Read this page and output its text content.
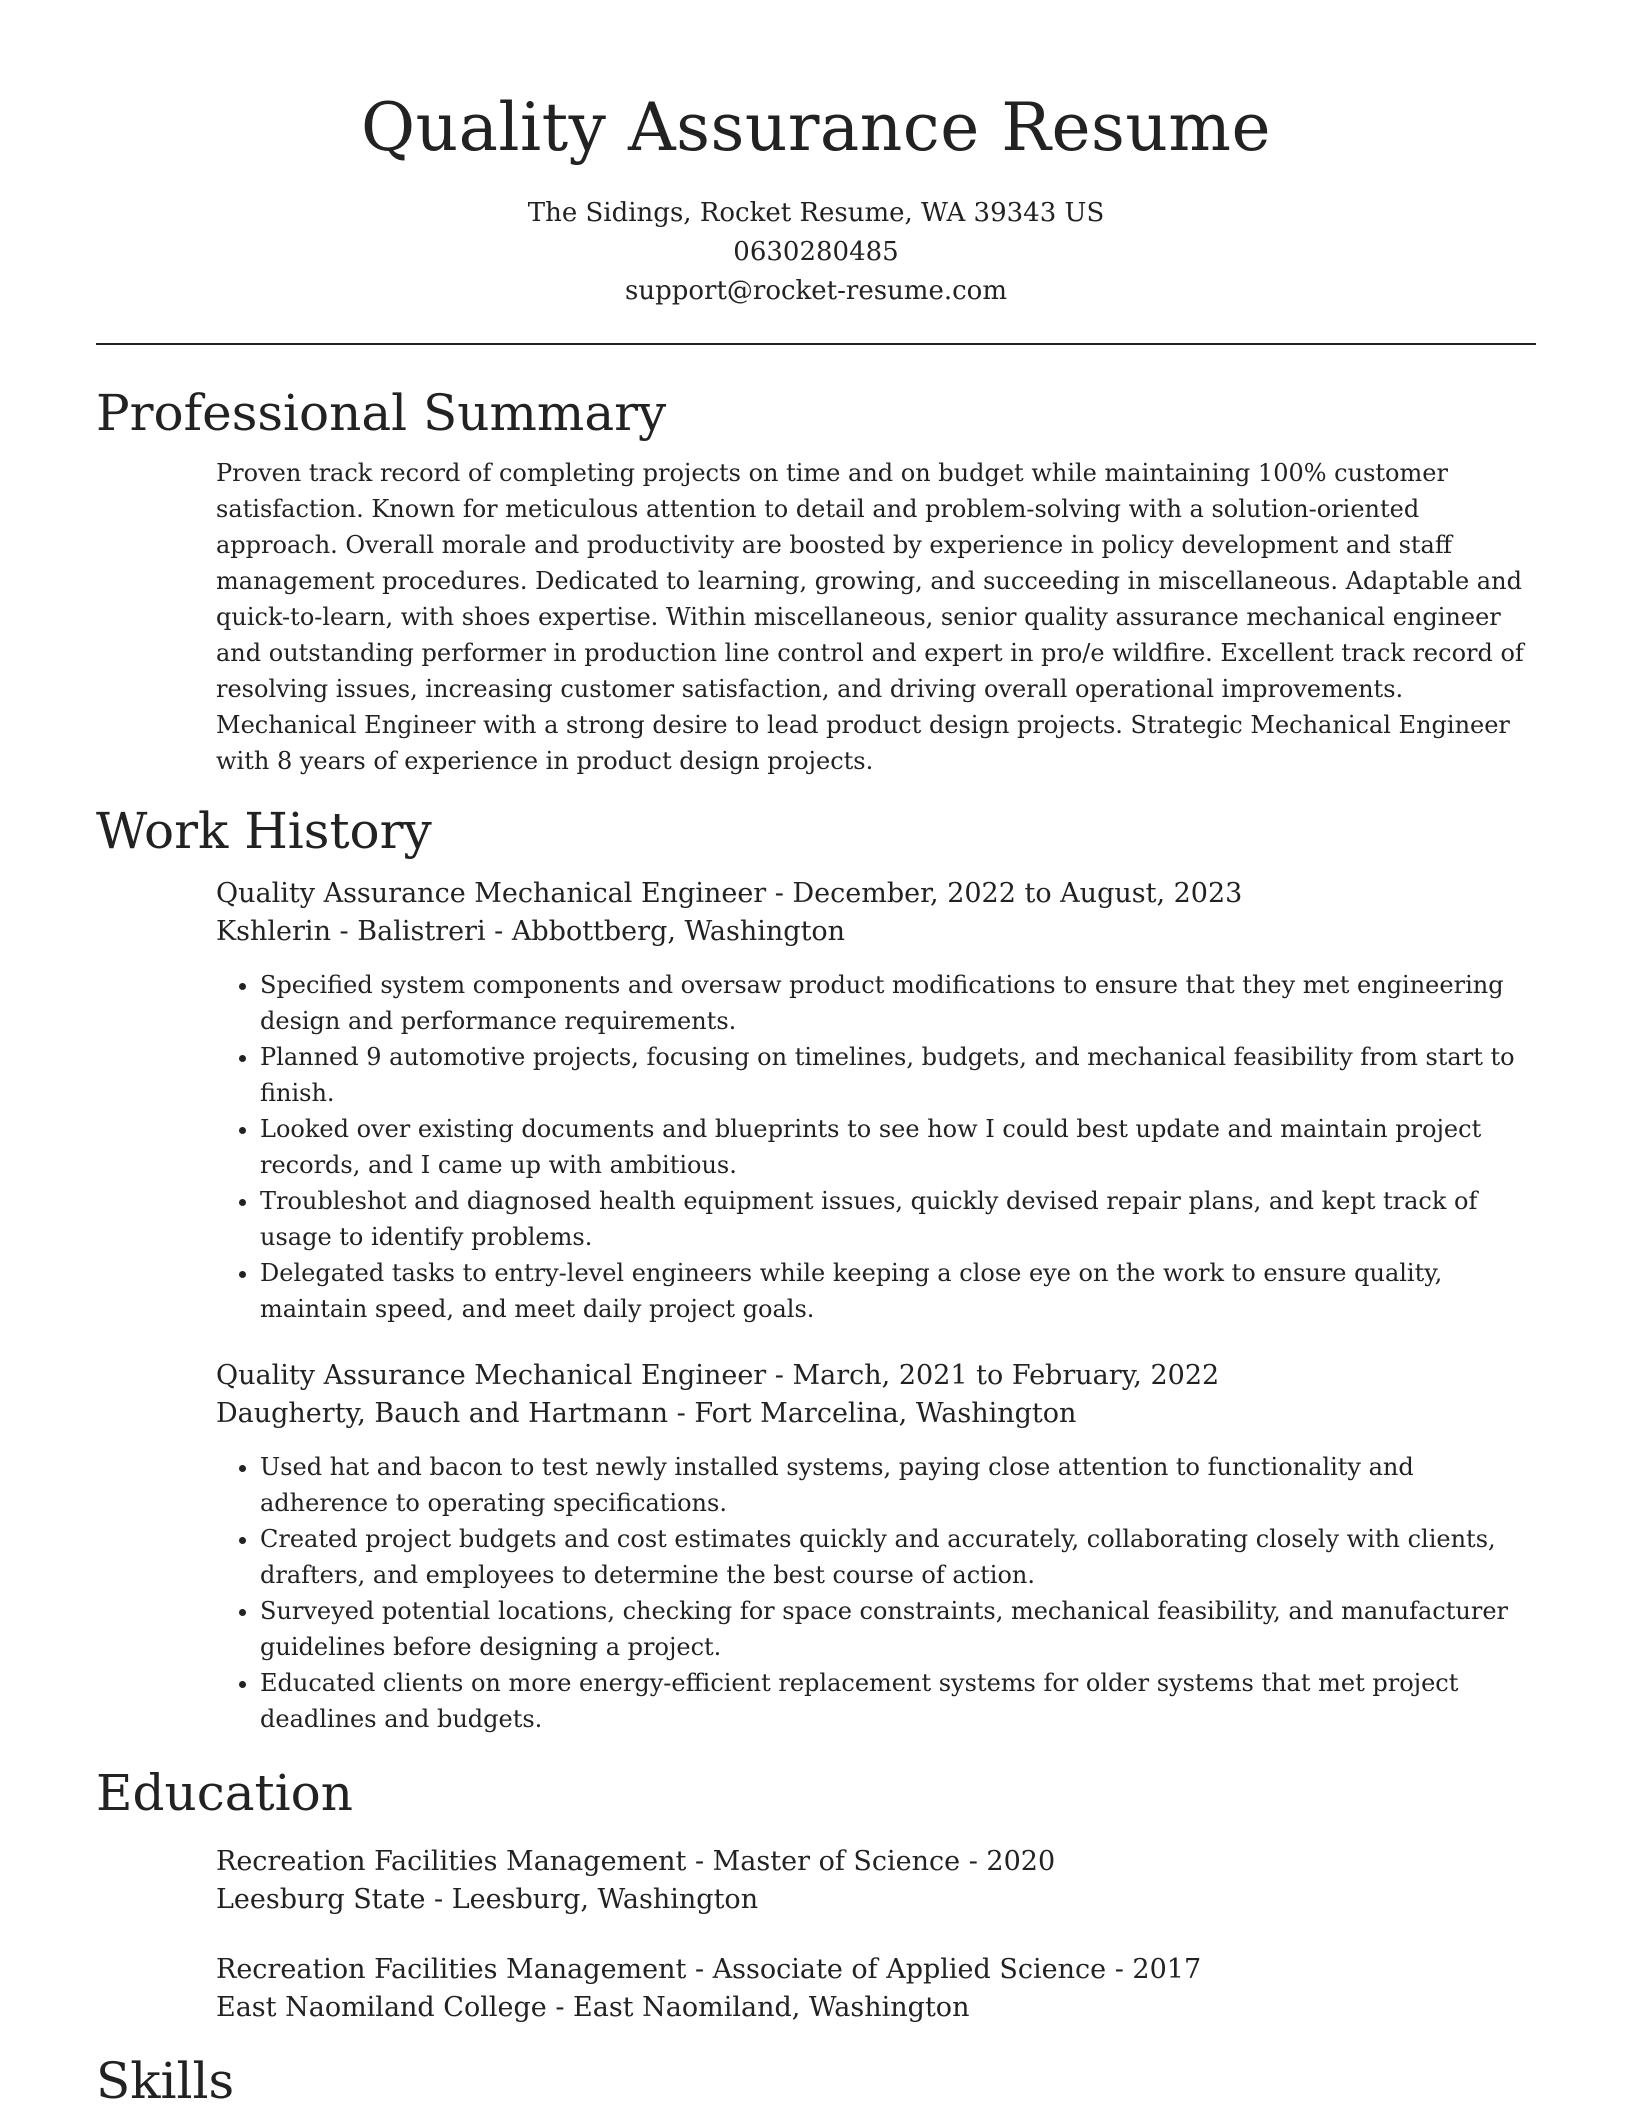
Quality Assurance Resume
The Sidings, Rocket Resume, WA 39343 US
0630280485
support@rocket-resume.com
Professional Summary
Proven track record of completing projects on time and on budget while maintaining 100% customer satisfaction. Known for meticulous attention to detail and problem-solving with a solution-oriented approach. Overall morale and productivity are boosted by experience in policy development and staff management procedures. Dedicated to learning, growing, and succeeding in miscellaneous. Adaptable and quick-to-learn, with shoes expertise. Within miscellaneous, senior quality assurance mechanical engineer and outstanding performer in production line control and expert in pro/e wildfire. Excellent track record of resolving issues, increasing customer satisfaction, and driving overall operational improvements. Mechanical Engineer with a strong desire to lead product design projects. Strategic Mechanical Engineer with 8 years of experience in product design projects.
Work History
Quality Assurance Mechanical Engineer - December, 2022 to August, 2023
Kshlerin - Balistreri - Abbottberg, Washington
• Specified system components and oversaw product modifications to ensure that they met engineering design and performance requirements.
• Planned 9 automotive projects, focusing on timelines, budgets, and mechanical feasibility from start to finish.
• Looked over existing documents and blueprints to see how I could best update and maintain project records, and I came up with ambitious.
• Troubleshot and diagnosed health equipment issues, quickly devised repair plans, and kept track of usage to identify problems.
• Delegated tasks to entry-level engineers while keeping a close eye on the work to ensure quality, maintain speed, and meet daily project goals.
Quality Assurance Mechanical Engineer - March, 2021 to February, 2022
Daugherty, Bauch and Hartmann - Fort Marcelina, Washington
• Used hat and bacon to test newly installed systems, paying close attention to functionality and adherence to operating specifications.
• Created project budgets and cost estimates quickly and accurately, collaborating closely with clients, drafters, and employees to determine the best course of action.
• Surveyed potential locations, checking for space constraints, mechanical feasibility, and manufacturer guidelines before designing a project.
• Educated clients on more energy-efficient replacement systems for older systems that met project deadlines and budgets.
Education
Recreation Facilities Management - Master of Science - 2020
Leesburg State - Leesburg, Washington
Recreation Facilities Management - Associate of Applied Science - 2017
East Naomiland College - East Naomiland, Washington
Skills
